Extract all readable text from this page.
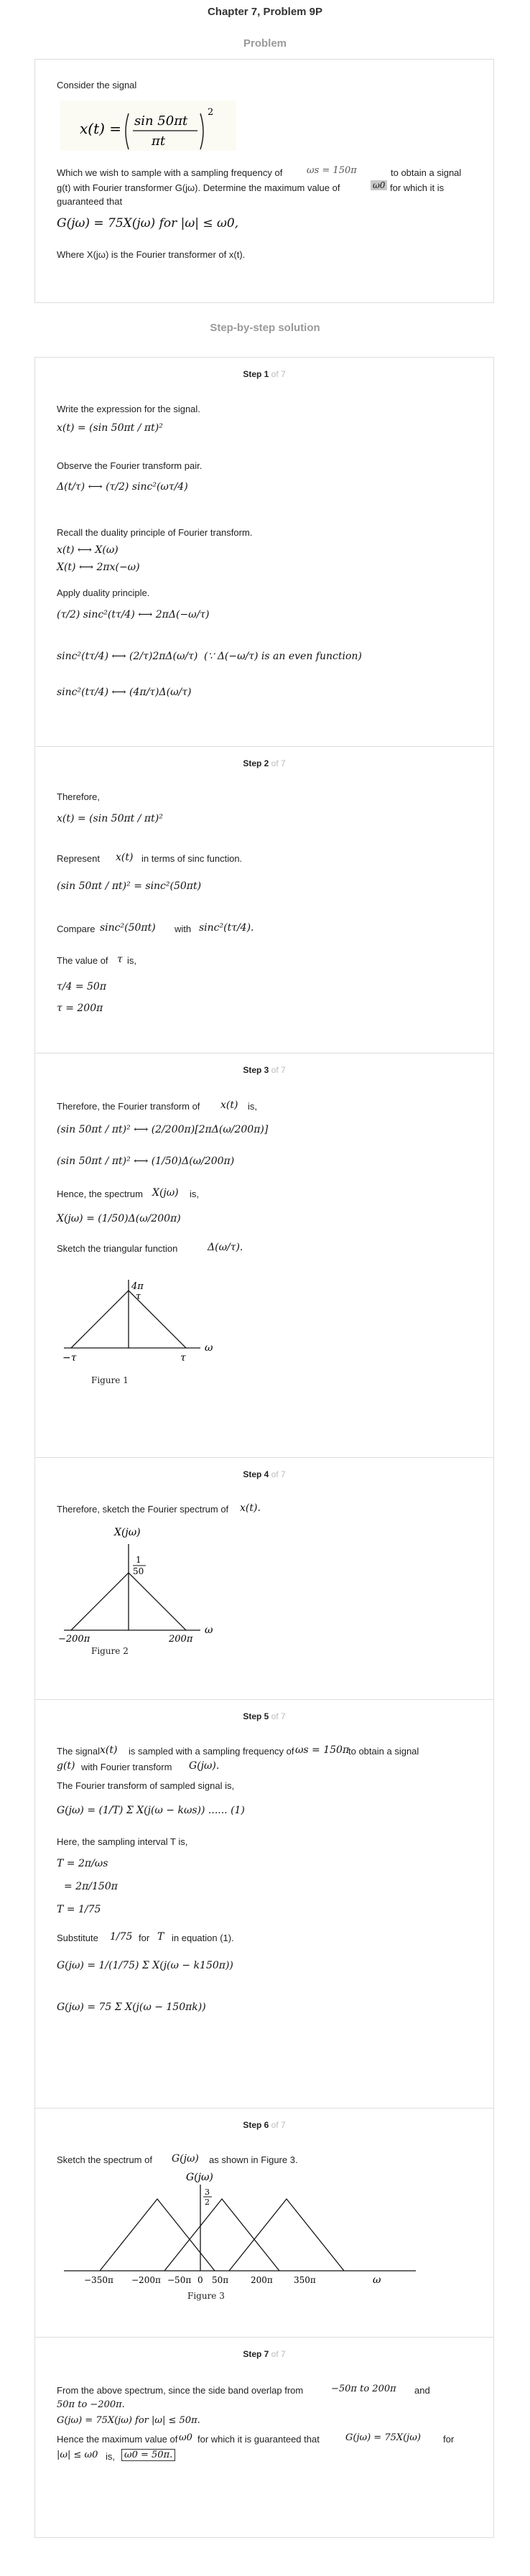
Chapter 7, Problem 9P
Problem
Consider the signal
x(t) = sin 50πt
πt
2
Which we wish to sample with a sampling frequency of	ωs = 150π	to obtain a signal
g(t) with Fourier transformer G(jω). Determine the maximum value of	ω0 for which it is
guaranteed that
G(jω) = 75X(jω) for |ω| ≤ ω0,
Where X(jω) is the Fourier transformer of x(t).
Step-by-step solution
Step 1 of 7
Write the expression for the signal.
x(t) = (sin 50πt / πt)²
Observe the Fourier transform pair.
Δ(t/τ) ⟷ (τ/2) sinc²(ωτ/4)
Recall the duality principle of Fourier transform.
x(t) ⟷ X(ω)
X(t) ⟷ 2πx(−ω)
Apply duality principle.
(τ/2) sinc²(tτ/4) ⟷ 2πΔ(−ω/τ)
sinc²(tτ/4) ⟷ (2/τ)2πΔ(ω/τ)
sinc²(tτ/4) ⟷ (4π/τ)Δ(ω/τ)
(∵ Δ(−ω/τ) is an even function)
Step 2 of 7
Therefore,
x(t) = (sin 50πt / πt)²
Represent x(t) in terms of sinc function.
(sin 50πt / πt)² = sinc²(50πt)
Compare sinc²(50πt) with sinc²(tτ/4).
The value of τ is,
τ/4 = 50π
τ = 200π
Step 3 of 7
Therefore, the Fourier transform of x(t) is,
(sin 50πt / πt)² ⟷ (2/200π)[2πΔ(ω/200π)]
(sin 50πt / πt)² ⟷ (1/50)Δ(ω/200π)
Hence, the spectrum X(jω) is,
X(jω) = (1/50)Δ(ω/200π)
Sketch the triangular function	Δ(ω/τ).
4π
τ
−τ	τ
ω
Figure 1
Step 4 of 7
Therefore, sketch the Fourier spectrum of x(t).
X(jω)
1
50
−200π	200π
ω
Figure 2
Step 5 of 7
The signal x(t) is sampled with a sampling frequency of ωs = 150π
to obtain a signal
g(t) with Fourier transform G(jω).
The Fourier transform of sampled signal is,
G(jω) = (1/T) Σ X(j(ω − kωs)) ...... (1)
Here, the sampling interval T is,
T = 2π/ωs
= 2π/150π
T = 1/75
Substitute 1/75 for T in equation (1).
G(jω) = 1/(1/75) Σ X(j(ω − k150π))
G(jω) = 75 Σ X(j(ω − 150πk))
Step 6 of 7
Sketch the spectrum of G(jω) as shown in Figure 3.
G(jω)
3
2
−350π −200π −50π 0 50π	200π 350π	ω
Figure 3
Step 7 of 7
From the above spectrum, since the side band overlap from	−50π to 200π and
50π to −200π.
G(jω) = 75X(jω) for |ω| ≤ 50π.
Hence the maximum value of ω0 for which it is guaranteed that	G(jω) = 75X(jω) for
|ω| ≤ ω0 is,	ω0 = 50π.
